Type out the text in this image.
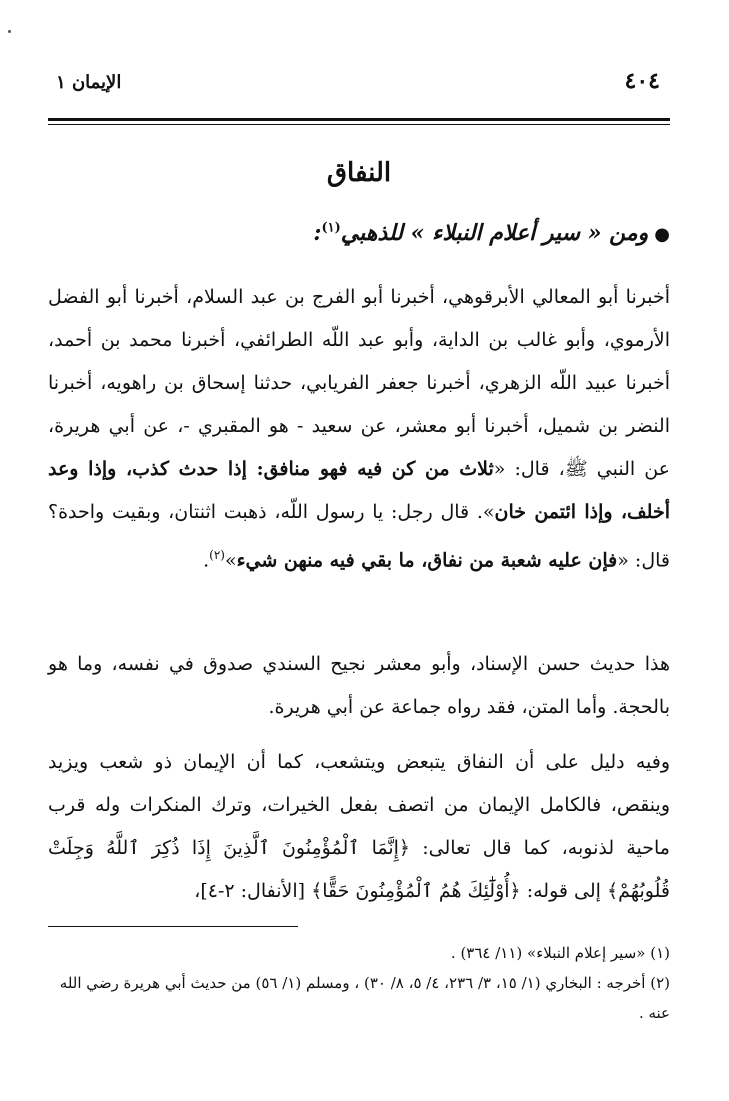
٤٠٤
الإيمان ١
النفاق
●ومن « سير أعلام النبلاء » للذهبي$^{(١)}$:
أخبرنا أبو المعالي الأبرقوهي، أخبرنا أبو الفرج بن عبد السلام، أخبرنا أبو الفضل الأرموي، وأبو غالب بن الداية، وأبو عبد اللّه الطرائفي، أخبرنا محمد بن أحمد، أخبرنا عبيد اللّه الزهري، أخبرنا جعفر الفريابي، حدثنا إسحاق بن راهويه، أخبرنا النضر بن شميل، أخبرنا أبو معشر، عن سعيد - هو المقبري -، عن أبي هريرة، عن النبي ﷺ، قال: «ثلاث من كن فيه فهو منافق: إذا حدث كذب، وإذا وعد أخلف، وإذا ائتمن خان». قال رجل: يا رسول اللّه، ذهبت اثنتان، وبقيت واحدة؟ قال: «فإن عليه شعبة من نفاق، ما بقي فيه منهن شيء»$^{(٢)}$.
هذا حديث حسن الإسناد، وأبو معشر نجيح السندي صدوق في نفسه، وما هو بالحجة. وأما المتن، فقد رواه جماعة عن أبي هريرة.
وفيه دليل على أن النفاق يتبعض ويتشعب، كما أن الإيمان ذو شعب ويزيد وينقص، فالكامل الإيمان من اتصف بفعل الخيرات، وترك المنكرات وله قرب ماحية لذنوبه، كما قال تعالى: ﴿إِنَّمَا ٱلْمُؤْمِنُونَ ٱلَّذِينَ إِذَا ذُكِرَ ٱللَّهُ وَجِلَتْ قُلُوبُهُمْ﴾ إلى قوله: ﴿أُوْلَٰٓئِكَ هُمُ ٱلْمُؤْمِنُونَ حَقًّا﴾ [الأنفال: ٢-٤]،
(١) «سير إعلام النبلاء» (١١/ ٣٦٤) .
(٢) أخرجه : البخاري (١/ ١٥، ٣/ ٢٣٦، ٤/ ٥، ٨/ ٣٠) ، ومسلم (١/ ٥٦) من حديث أبي هريرة رضي الله عنه .
